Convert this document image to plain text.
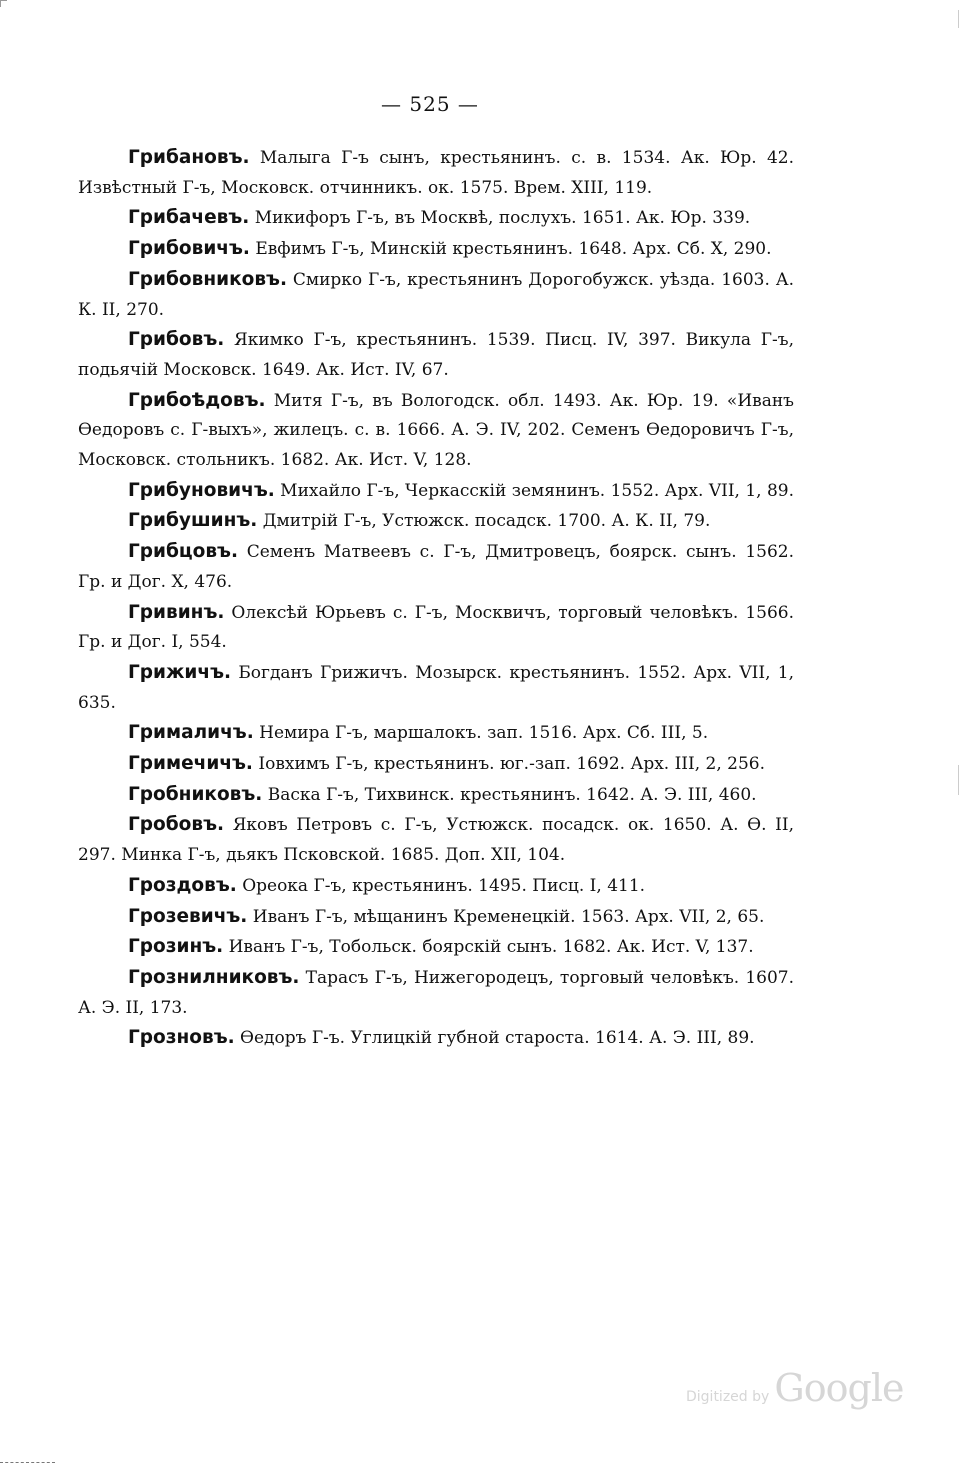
— 525 —
Грибановъ. Малыга Г-ъ сынъ, крестьянинъ. с. в. 1534. Ак. Юр. 42. Извѣстный Г-ъ, Московск. отчинникъ. ок. 1575. Врем. XIII, 119.
Грибачевъ. Микифоръ Г-ъ, въ Москвѣ, послухъ. 1651. Ак. Юр. 339.
Грибовичъ. Евфимъ Г-ъ, Минскій крестьянинъ. 1648. Арх. Сб. X, 290.
Грибовниковъ. Смирко Г-ъ, крестьянинъ Дорогобужск. уѣзда. 1603. А. К. II, 270.
Грибовъ. Якимко Г-ъ, крестьянинъ. 1539. Писц. IV, 397. Викула Г-ъ, подьячій Московск. 1649. Ак. Ист. IV, 67.
Грибоѣдовъ. Митя Г-ъ, въ Вологодск. обл. 1493. Ак. Юр. 19. «Иванъ Ѳедоровъ с. Г-выхъ», жилецъ. с. в. 1666. А. Э. IV, 202. Семенъ Ѳедоровичъ Г-ъ, Московск. стольникъ. 1682. Ак. Ист. V, 128.
Грибуновичъ. Михайло Г-ъ, Черкасскій земянинъ. 1552. Арх. VII, 1, 89.
Грибушинъ. Дмитрій Г-ъ, Устюжск. посадск. 1700. А. К. II, 79.
Грибцовъ. Семенъ Матвеевъ с. Г-ъ, Дмитровецъ, боярск. сынъ. 1562. Гр. и Дог. X, 476.
Гривинъ. Олексѣй Юрьевъ с. Г-ъ, Москвичъ, торговый человѣкъ. 1566. Гр. и Дог. I, 554.
Грижичъ. Богданъ Грижичъ. Мозырск. крестьянинъ. 1552. Арх. VII, 1, 635.
Грималичъ. Немира Г-ъ, маршалокъ. зап. 1516. Арх. Сб. III, 5.
Гримечичъ. Іовхимъ Г-ъ, крестьянинъ. юг.-зап. 1692. Арх. III, 2, 256.
Гробниковъ. Васка Г-ъ, Тихвинск. крестьянинъ. 1642. А. Э. III, 460.
Гробовъ. Яковъ Петровъ с. Г-ъ, Устюжск. посадск. ок. 1650. А. Ѳ. II, 297. Минка Г-ъ, дьякъ Псковской. 1685. Доп. XII, 104.
Гроздовъ. Ореока Г-ъ, крестьянинъ. 1495. Писц. I, 411.
Грозевичъ. Иванъ Г-ъ, мѣщанинъ Кременецкій. 1563. Арх. VII, 2, 65.
Грозинъ. Иванъ Г-ъ, Тобольск. боярскій сынъ. 1682. Ак. Ист. V, 137.
Грознилниковъ. Тарасъ Г-ъ, Нижегородецъ, торговый человѣкъ. 1607. А. Э. II, 173.
Грозновъ. Ѳедоръ Г-ъ. Углицкій губной староста. 1614. А. Э. III, 89.
Digitized by Google
